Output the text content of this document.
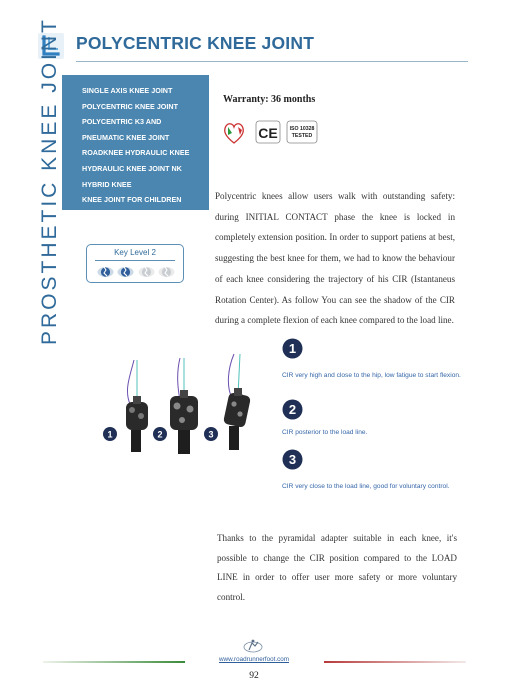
POLYCENTRIC KNEE JOINT
PROSTHETIC KNEE JOINT	SINGLE AXIS KNEE JOINT
POLYCENTRIC KNEE JOINT
POLYCENTRIC K3 AND
PNEUMATIC KNEE JOINT
ROADKNEE HYDRAULIC KNEE
HYDRAULIC KNEE JOINT NK
HYBRID KNEE
KNEE JOINT FOR CHILDREN
Key Level 2
Warranty: 36 months
CE ISO 10328
TESTED

Polycentric knees allow users walk with outstanding safety: during INITIAL CONTACT phase the knee is locked in completely extension position. In order to support patiens at best, suggesting the best knee for them, we had to know the behaviour of each knee considering the trajectory of his CIR (Istantaneus Rotation Center). As follow You can see the shadow of the CIR during a complete flexion of each knee compared to the load line.

1	2	3
1
CIR very high and close to the hip, low fatigue to start flexion.
2
CIR posterior to the load line.
3
CIR very close to the load line, good for voluntary control.

Thanks to the pyramidal adapter suitable in each knee, it's possible to change the CIR position compared to the LOAD LINE in order to offer user more safety or more voluntary control.

www.roadrunnerfoot.com
92
